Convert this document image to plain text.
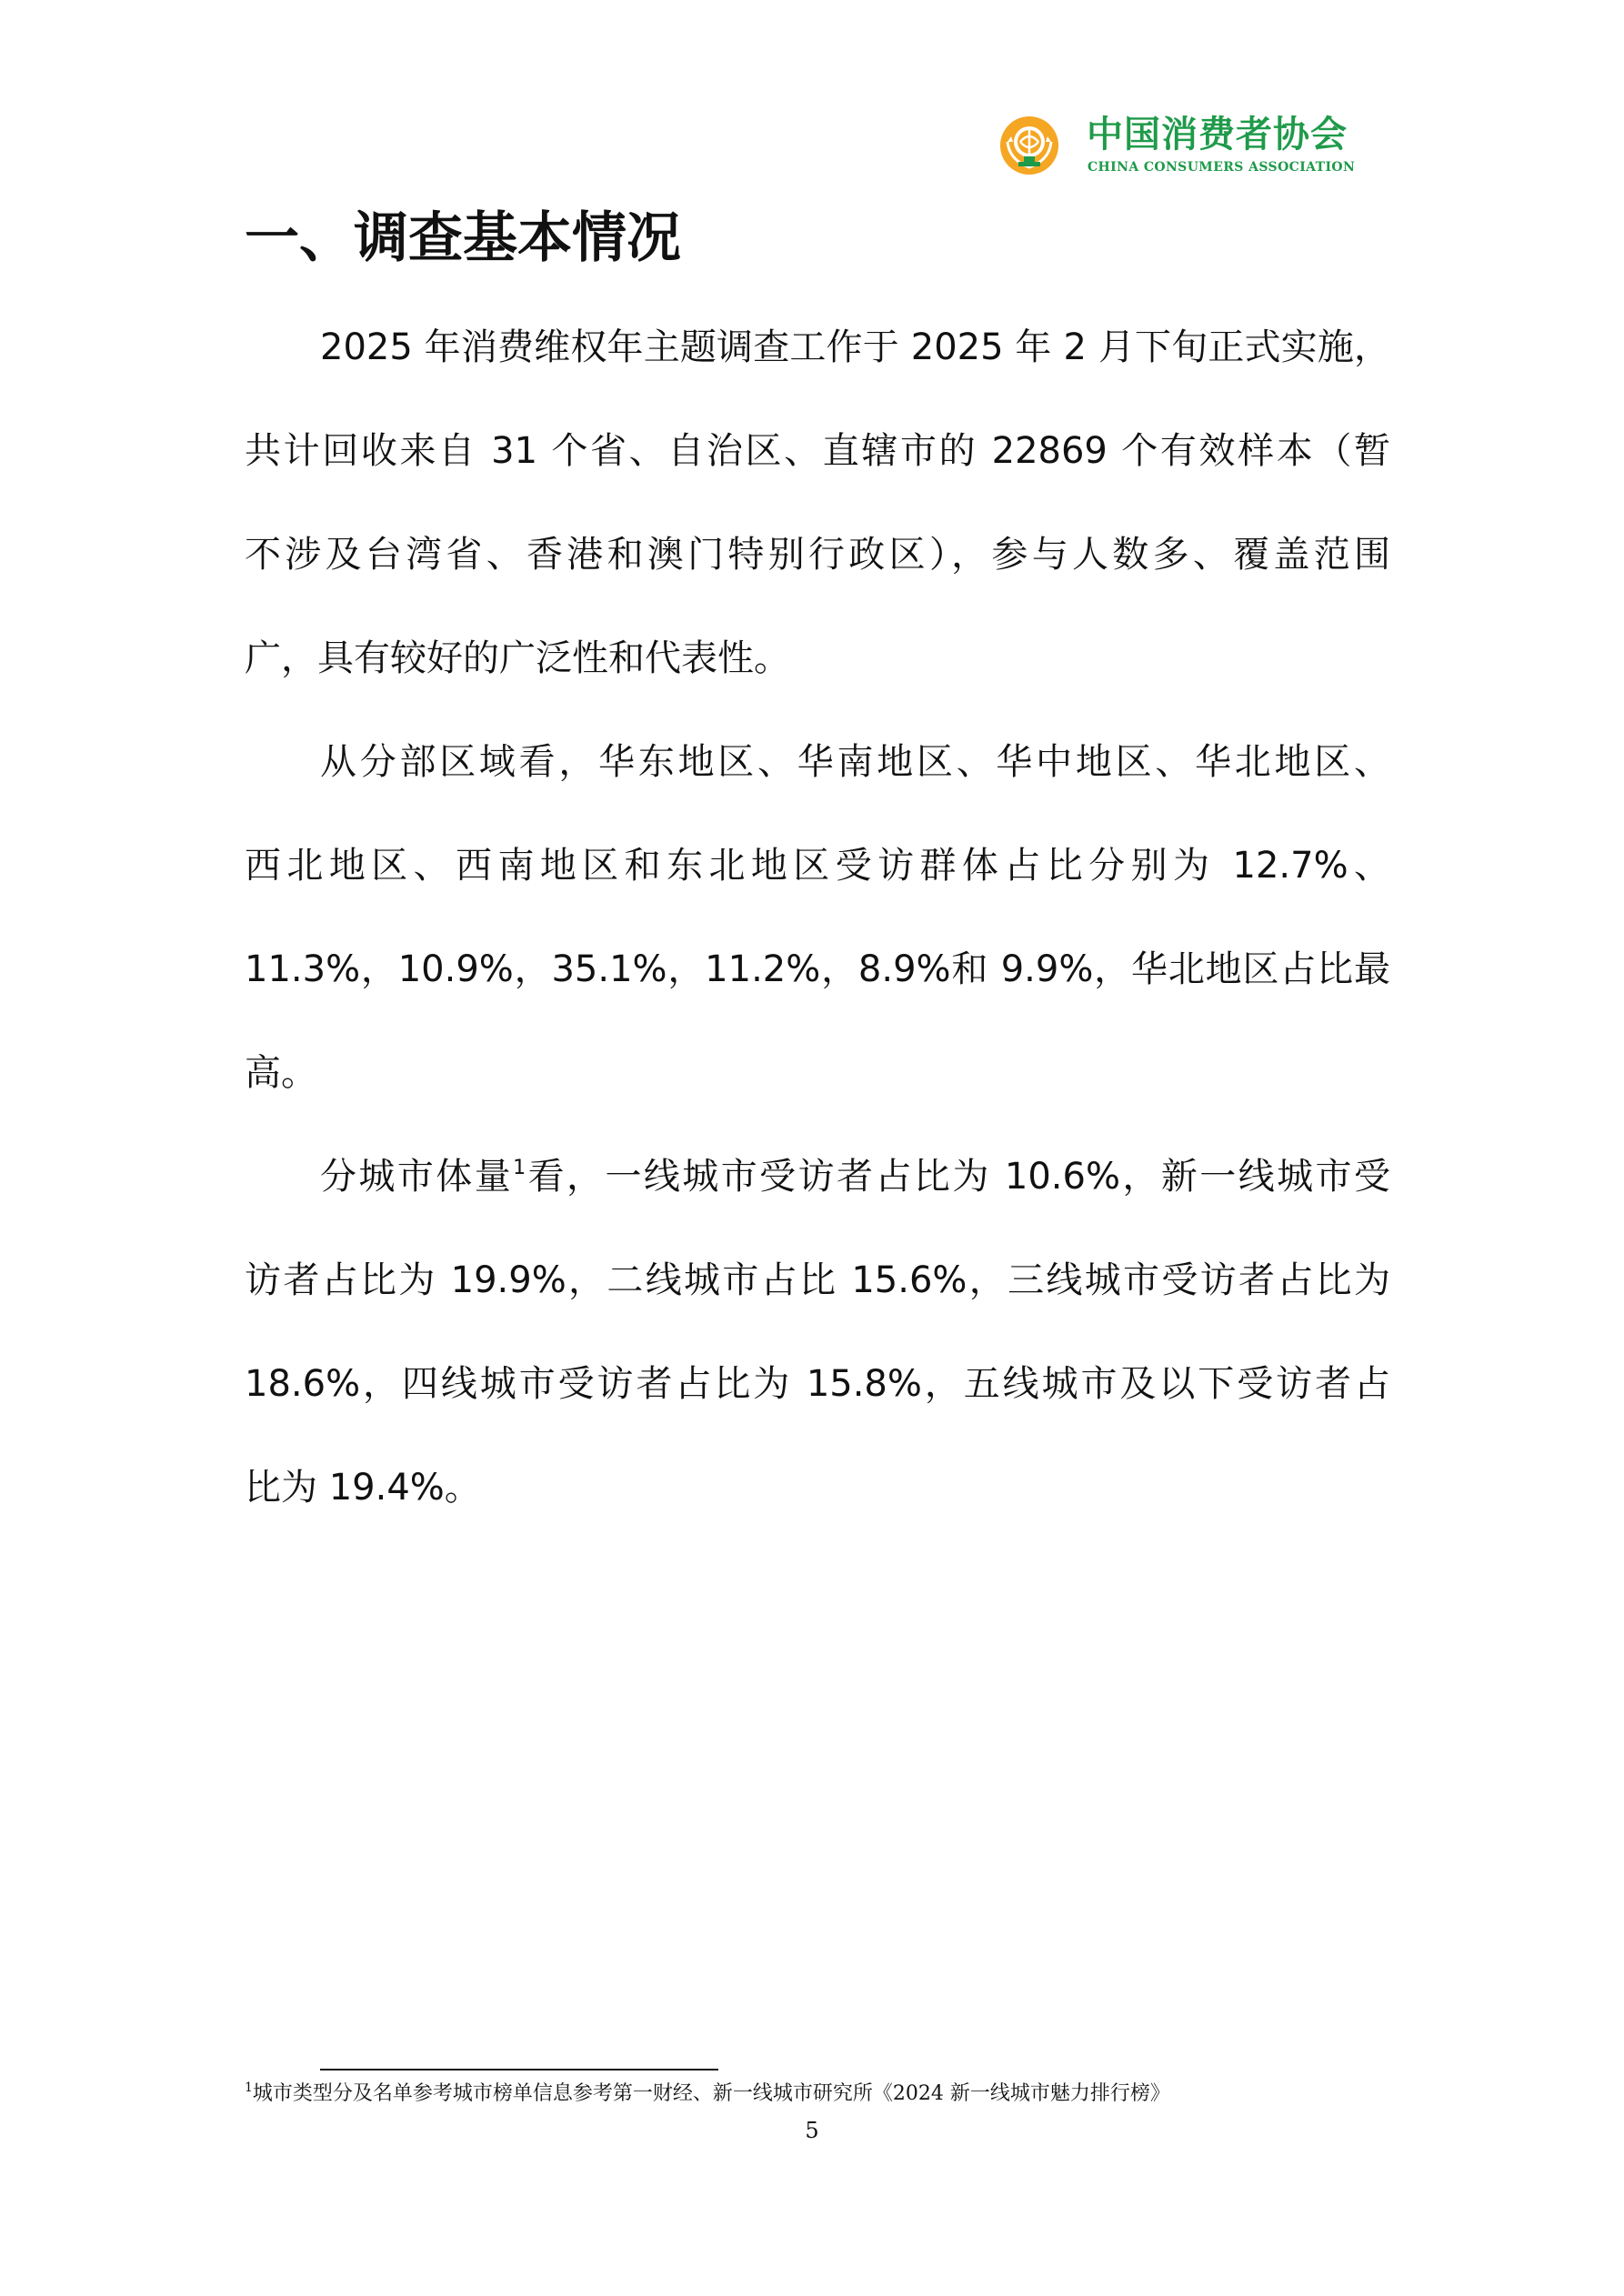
中国消费者协会
CHINA CONSUMERS ASSOCIATION
一、调查基本情况
2025 年消费维权年主题调查工作于 2025 年 2 月下旬正式实施，
共计回收来自 31 个省、自治区、直辖市的 22869 个有效样本（暂
不涉及台湾省、香港和澳门特别行政区），参与人数多、覆盖范围
广，具有较好的广泛性和代表性。
从分部区域看，华东地区、华南地区、华中地区、华北地区、
西北地区、西南地区和东北地区受访群体占比分别为 12.7%、
11.3%，10.9%，35.1%，11.2%，8.9%和 9.9%，华北地区占比最
高。
分城市体量$^1$看，一线城市受访者占比为 10.6%，新一线城市受
访者占比为 19.9%，二线城市占比 15.6%，三线城市受访者占比为
18.6%，四线城市受访者占比为 15.8%，五线城市及以下受访者占
比为 19.4%。
$^1$城市类型分及名单参考城市榜单信息参考第一财经、新一线城市研究所《2024 新一线城市魅力排行榜》
5
